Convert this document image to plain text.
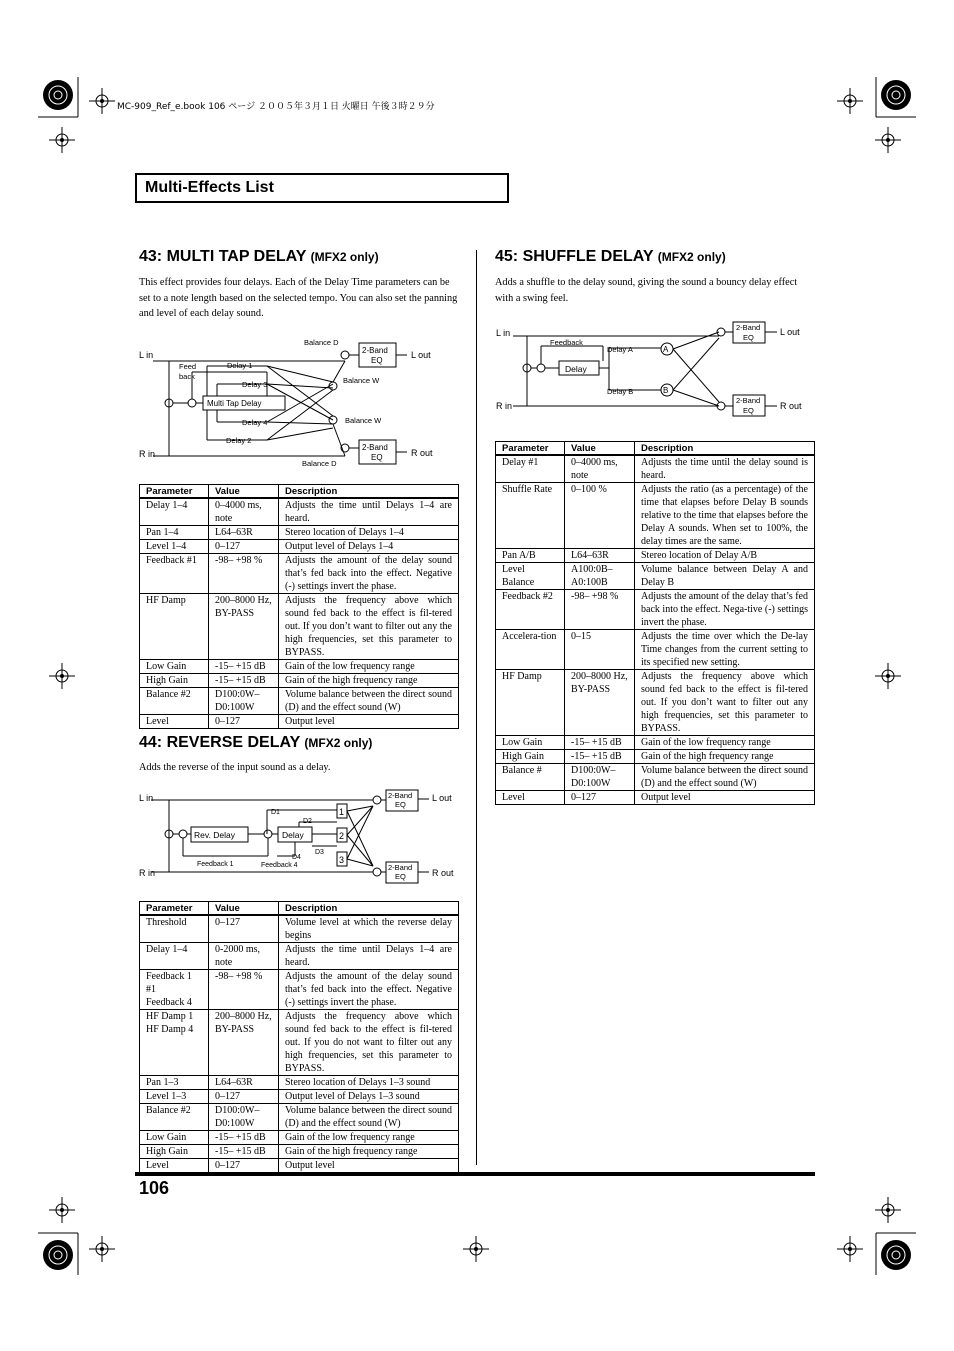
MC-909_Ref_e.book 106 ページ ２００５年３月１日 火曜日 午後３時２９分
Multi-Effects List
43: MULTI TAP DELAY (MFX2 only)

This effect provides four delays. Each of the Delay Time parameters can be set to a note length based on the selected tempo. You can also set the panning and level of each delay sound.

L in
R in
L out
R out
Feed
back
Delay 1
Delay 3
Delay 4
Delay 2
Multi Tap Delay
Balance D
Balance W
Balance W
Balance D
2-Band
EQ
2-Band
EQ
Parameter	Value	Description
Delay 1–4	0–4000 ms, note	Adjusts the time until Delays 1–4 are heard.
Pan 1–4	L64–63R	Stereo location of Delays 1–4
Level 1–4	0–127	Output level of Delays 1–4
Feedback #1	-98– +98 %	Adjusts the amount of the delay sound that’s fed back into the effect. Negative (-) settings invert the phase.
HF Damp	200–8000 Hz, BY-PASS	Adjusts the frequency above which sound fed back to the effect is fil-tered out. If you don’t want to filter out any the high frequencies, set this parameter to BYPASS.
Low Gain	-15– +15 dB	Gain of the low frequency range
High Gain	-15– +15 dB	Gain of the high frequency range
Balance #2	D100:0W– D0:100W	Volume balance between the direct sound (D) and the effect sound (W)
Level	0–127	Output level
44: REVERSE DELAY (MFX2 only)

Adds the reverse of the input sound as a delay.

L in
R in
L out
R out
Rev. Delay	Delay
D1
D2
D3
D4
Feedback 1	Feedback 4
1
2
3
2-Band
EQ
2-Band
EQ
Parameter	Value	Description
Threshold	0–127	Volume level at which the reverse delay begins
Delay 1–4	0-2000 ms, note	Adjusts the time until Delays 1–4 are heard.
Feedback 1 #1
Feedback 4	-98– +98 %	Adjusts the amount of the delay sound that’s fed back into the effect. Negative (-) settings invert the phase.
HF Damp 1
HF Damp 4	200–8000 Hz, BY-PASS	Adjusts the frequency above which sound fed back to the effect is fil-tered out. If you do not want to filter out any high frequencies, set this parameter to BYPASS.
Pan 1–3	L64–63R	Stereo location of Delays 1–3 sound
Level 1–3	0–127	Output level of Delays 1–3 sound
Balance #2	D100:0W– D0:100W	Volume balance between the direct sound (D) and the effect sound (W)
Low Gain	-15– +15 dB	Gain of the low frequency range
High Gain	-15– +15 dB	Gain of the high frequency range
Level	0–127	Output level
45: SHUFFLE DELAY (MFX2 only)

Adds a shuffle to the delay sound, giving the sound a bouncy delay effect with a swing feel.

L in
R in
L out
R out
Feedback
Delay
Delay A
Delay B
A
B
2-Band
EQ
2-Band
EQ
Parameter	Value	Description
Delay #1	0–4000 ms, note	Adjusts the time until the delay sound is heard.
Shuffle Rate	0–100 %	Adjusts the ratio (as a percentage) of the time that elapses before Delay B sounds relative to the time that elapses before the Delay A sounds. When set to 100%, the delay times are the same.
Pan A/B	L64–63R	Stereo location of Delay A/B
Level Balance	A100:0B– A0:100B	Volume balance between Delay A and Delay B
Feedback #2	-98– +98 %	Adjusts the amount of the delay that’s fed back into the effect. Nega-tive (-) settings invert the phase.
Accelera-tion	0–15	Adjusts the time over which the De-lay Time changes from the current setting to its specified new setting.
HF Damp	200–8000 Hz, BY-PASS	Adjusts the frequency above which sound fed back to the effect is fil-tered out. If you don’t want to filter out any high frequencies, set this parameter to BYPASS.
Low Gain	-15– +15 dB	Gain of the low frequency range
High Gain	-15– +15 dB	Gain of the high frequency range
Balance #	D100:0W– D0:100W	Volume balance between the direct sound (D) and the effect sound (W)
Level	0–127	Output level
106
